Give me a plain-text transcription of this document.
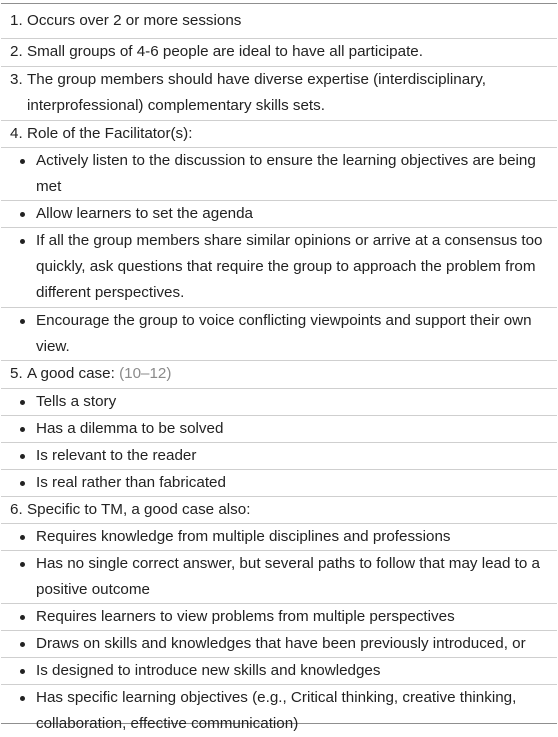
1. Occurs over 2 or more sessions
2. Small groups of 4-6 people are ideal to have all participate.
3. The group members should have diverse expertise (interdisciplinary, interprofessional) complementary skills sets.
4. Role of the Facilitator(s):
Actively listen to the discussion to ensure the learning objectives are being met
Allow learners to set the agenda
If all the group members share similar opinions or arrive at a consensus too quickly, ask questions that require the group to approach the problem from different perspectives.
Encourage the group to voice conflicting viewpoints and support their own view.
5. A good case: (10–12)
Tells a story
Has a dilemma to be solved
Is relevant to the reader
Is real rather than fabricated
6. Specific to TM, a good case also:
Requires knowledge from multiple disciplines and professions
Has no single correct answer, but several paths to follow that may lead to a positive outcome
Requires learners to view problems from multiple perspectives
Draws on skills and knowledges that have been previously introduced, or
Is designed to introduce new skills and knowledges
Has specific learning objectives (e.g., Critical thinking, creative thinking, collaboration, effective communication)
